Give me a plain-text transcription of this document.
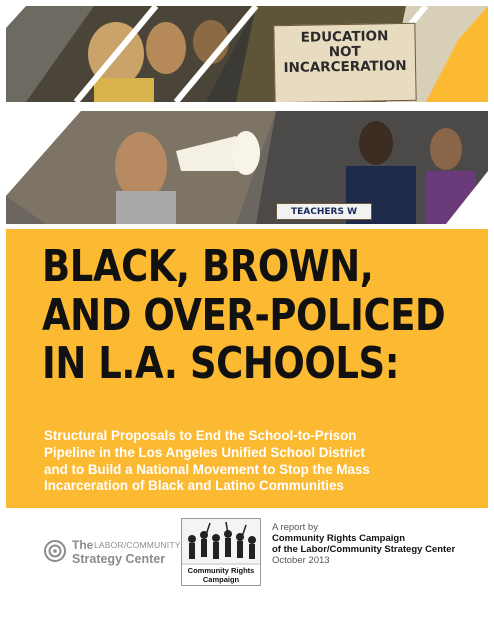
EDUCATION
NOT
INCARCERATION
TEACHERS W
BLACK, BROWN,
AND OVER-POLICED
IN L.A. SCHOOLS:

Structural Proposals to End the School-to-Prison
Pipeline in the Los Angeles Unified School District
and to Build a National Movement to Stop the Mass
Incarceration of Black and Latino Communities

The LABOR/COMMUNITY
Strategy Center
Community Rights Campaign
A report by
Community Rights Campaign
of the Labor/Community Strategy Center
October 2013
